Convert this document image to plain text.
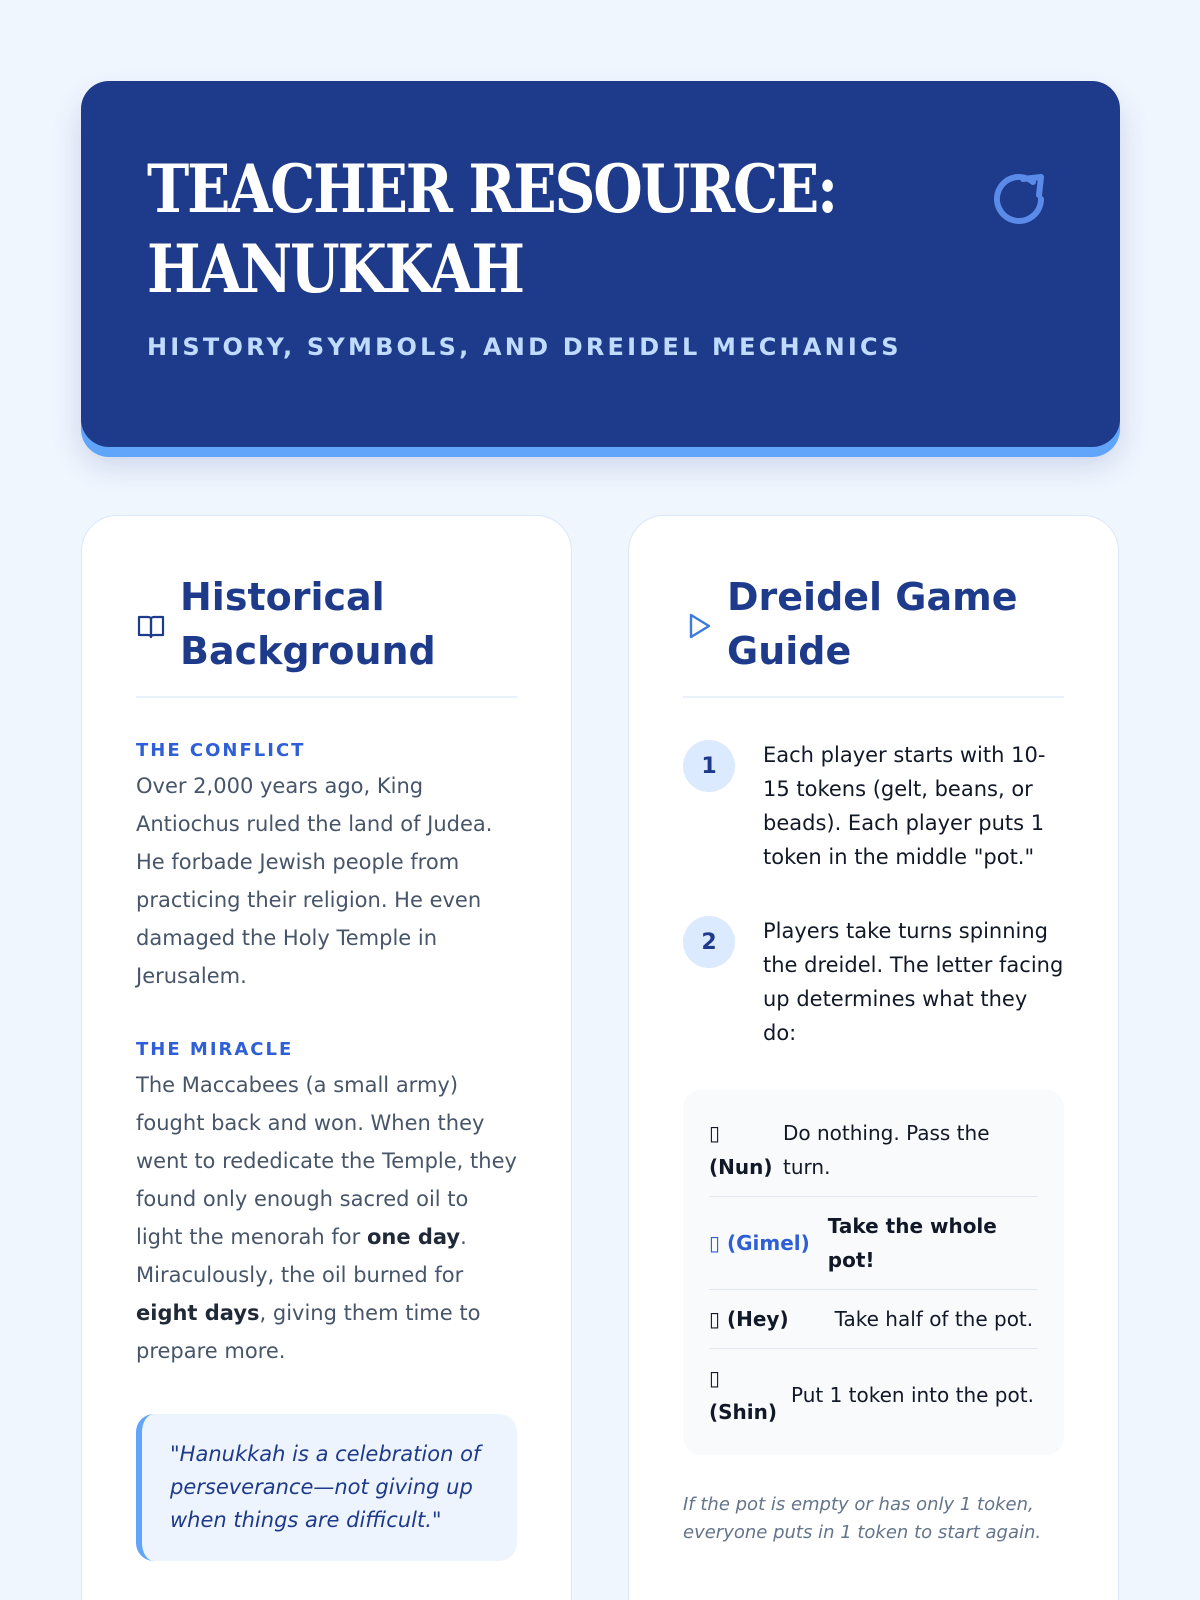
TEACHER RESOURCE:
HANUKKAH
HISTORY, SYMBOLS, AND DREIDEL MECHANICS
Historical
Background
THE CONFLICT

Over 2,000 years ago, King Antiochus ruled the land of Judea. He forbade Jewish people from practicing their religion. He even damaged the Holy Temple in Jerusalem.

THE MIRACLE

The Maccabees (a small army) fought back and won. When they went to rededicate the Temple, they found only enough sacred oil to light the menorah for one day. Miraculously, the oil burned for eight days, giving them time to prepare more.

"Hanukkah is a celebration of perseverance—not giving up when things are difficult."
Dreidel Game
Guide
1	Each player starts with 10-15 tokens (gelt, beans, or beads). Each player puts 1 token in the middle "pot."
2	Players take turns spinning the dreidel. The letter facing up determines what they do:
▯
(Nun)
Do nothing. Pass the turn.
▯ (Gimel)
Take the whole pot!
▯ (Hey) Take half of the pot.
▯
(Shin)
Put 1 token into the pot.

If the pot is empty or has only 1 token, everyone puts in 1 token to start again.
